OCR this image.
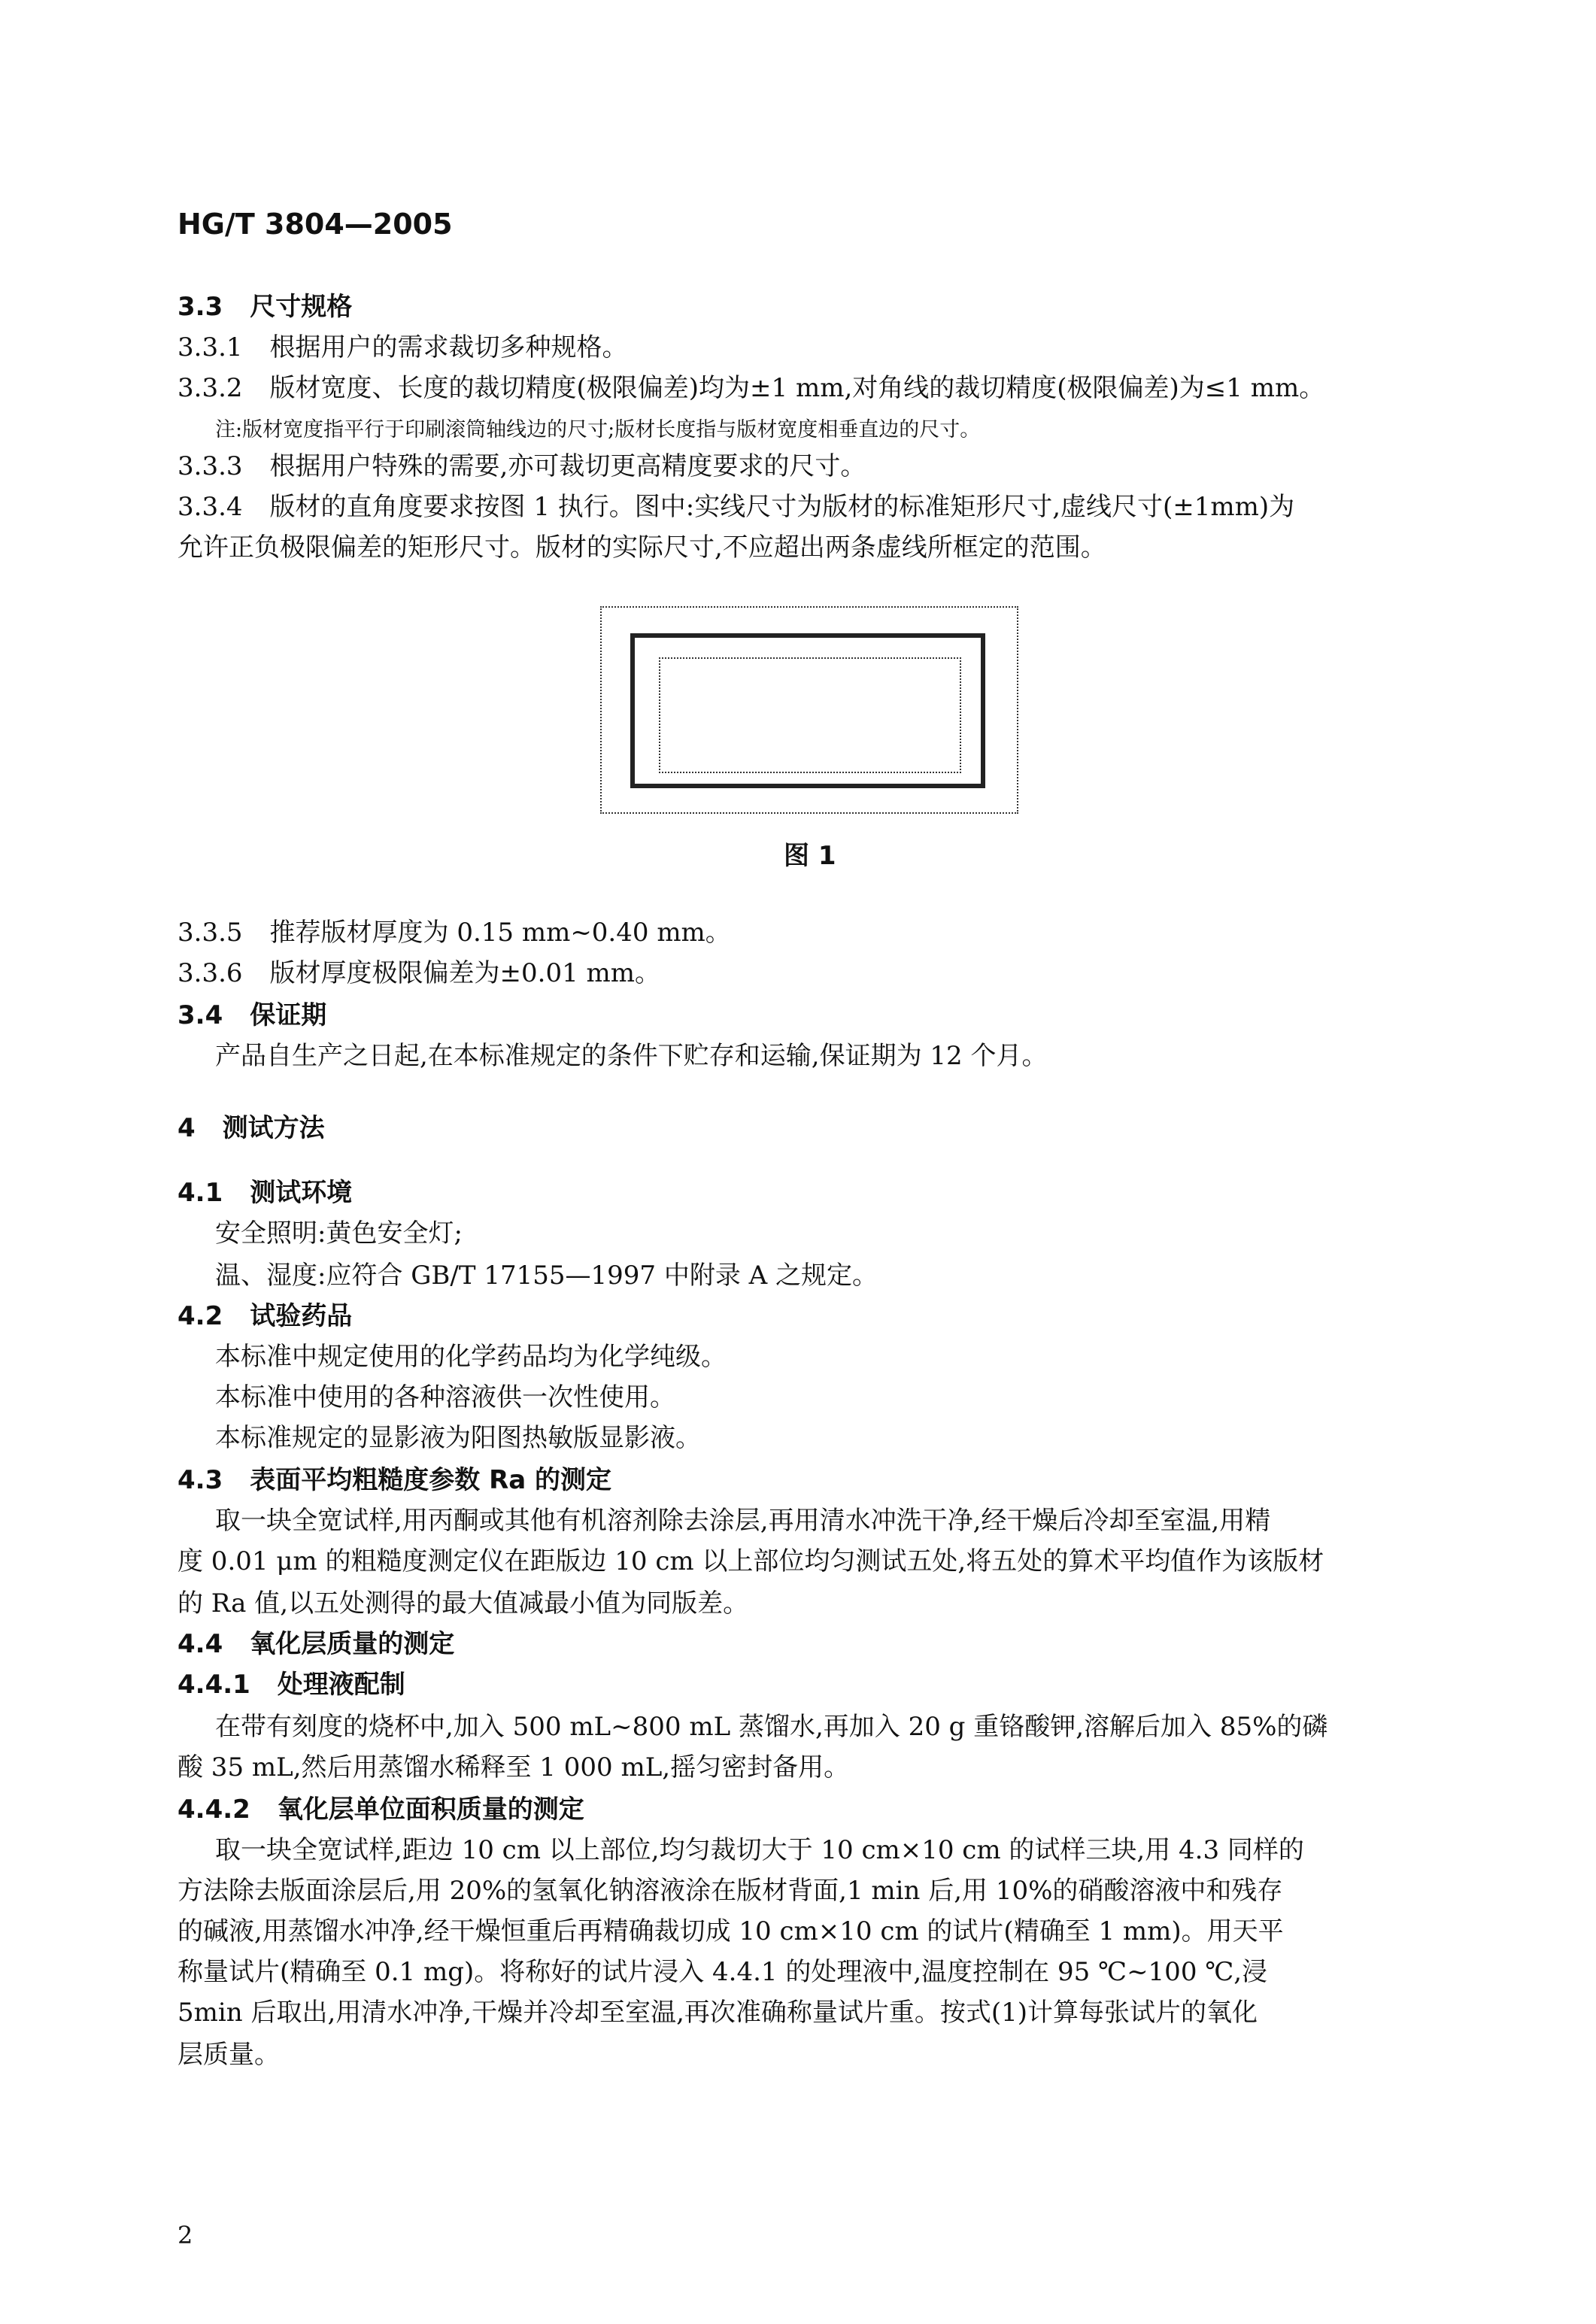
HG/T 3804—2005
图 1
3.3 尺寸规格
3.3.1 根据用户的需求裁切多种规格。
3.3.2 版材宽度、长度的裁切精度(极限偏差)均为±1 mm,对角线的裁切精度(极限偏差)为≤1 mm。
注:版材宽度指平行于印刷滚筒轴线边的尺寸;版材长度指与版材宽度相垂直边的尺寸。
3.3.3 根据用户特殊的需要,亦可裁切更高精度要求的尺寸。
3.3.4 版材的直角度要求按图 1 执行。图中:实线尺寸为版材的标准矩形尺寸,虚线尺寸(±1mm)为
允许正负极限偏差的矩形尺寸。版材的实际尺寸,不应超出两条虚线所框定的范围。
3.3.5 推荐版材厚度为 0.15 mm~0.40 mm。
3.3.6 版材厚度极限偏差为±0.01 mm。
3.4 保证期
产品自生产之日起,在本标准规定的条件下贮存和运输,保证期为 12 个月。
4 测试方法
4.1 测试环境
安全照明:黄色安全灯;
温、湿度:应符合 GB/T 17155—1997 中附录 A 之规定。
4.2 试验药品
本标准中规定使用的化学药品均为化学纯级。
本标准中使用的各种溶液供一次性使用。
本标准规定的显影液为阳图热敏版显影液。
4.3 表面平均粗糙度参数 Ra 的测定
取一块全宽试样,用丙酮或其他有机溶剂除去涂层,再用清水冲洗干净,经干燥后冷却至室温,用精
度 0.01 μm 的粗糙度测定仪在距版边 10 cm 以上部位均匀测试五处,将五处的算术平均值作为该版材
的 Ra 值,以五处测得的最大值减最小值为同版差。
4.4 氧化层质量的测定
4.4.1 处理液配制
在带有刻度的烧杯中,加入 500 mL~800 mL 蒸馏水,再加入 20 g 重铬酸钾,溶解后加入 85%的磷
酸 35 mL,然后用蒸馏水稀释至 1 000 mL,摇匀密封备用。
4.4.2 氧化层单位面积质量的测定
取一块全宽试样,距边 10 cm 以上部位,均匀裁切大于 10 cm×10 cm 的试样三块,用 4.3 同样的
方法除去版面涂层后,用 20%的氢氧化钠溶液涂在版材背面,1 min 后,用 10%的硝酸溶液中和残存
的碱液,用蒸馏水冲净,经干燥恒重后再精确裁切成 10 cm×10 cm 的试片(精确至 1 mm)。用天平
称量试片(精确至 0.1 mg)。将称好的试片浸入 4.4.1 的处理液中,温度控制在 95 ℃~100 ℃,浸
5min 后取出,用清水冲净,干燥并冷却至室温,再次准确称量试片重。按式(1)计算每张试片的氧化
层质量。
2
